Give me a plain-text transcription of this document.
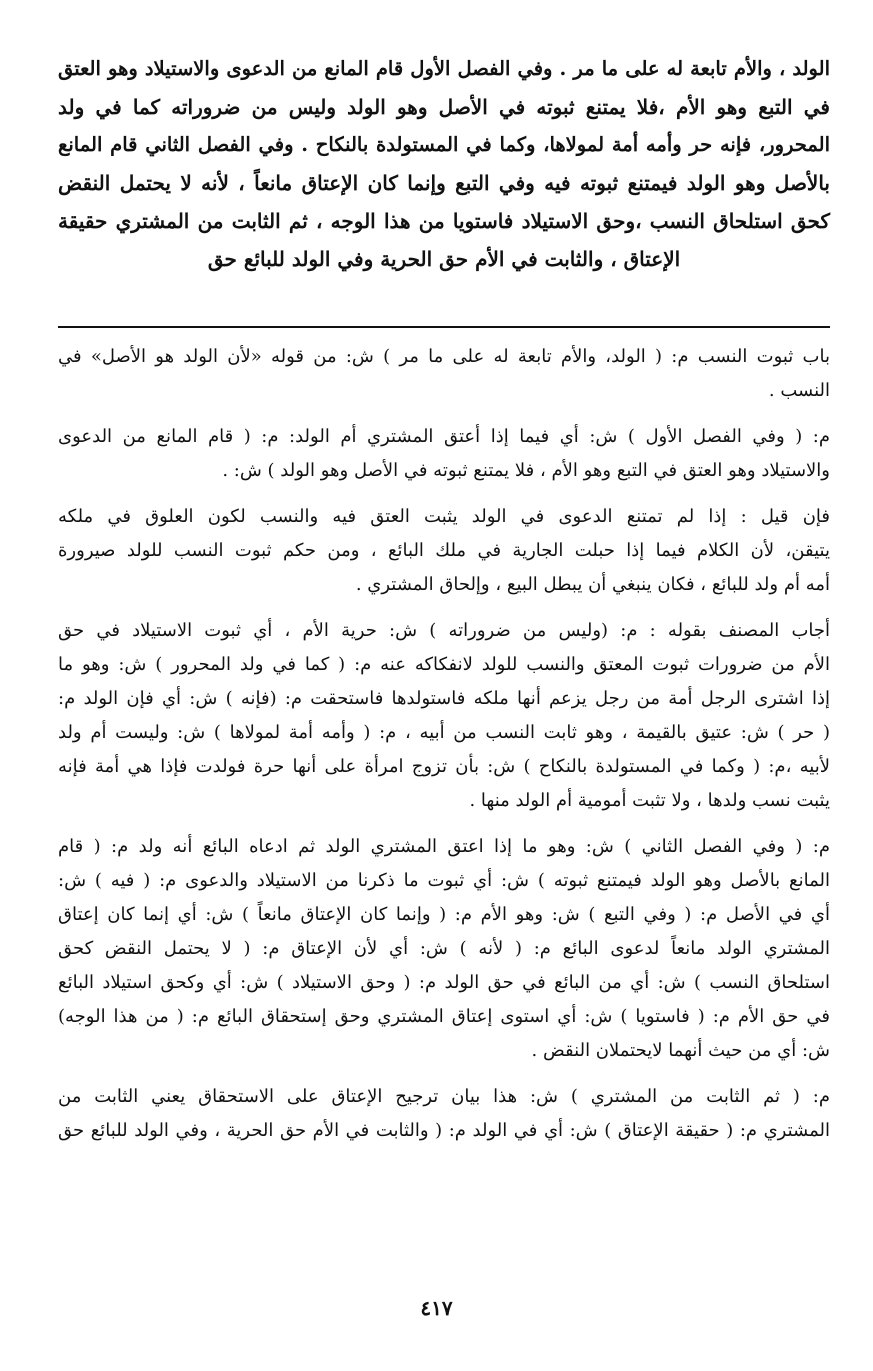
الولد ، والأم تابعة له على ما مر . وفي الفصل الأول قام المانع من الدعوى والاستيلاد وهو العتق
في التبع وهو الأم ،فلا يمتنع ثبوته في الأصل وهو الولد وليس من ضروراته كما في ولد
المحرور، فإنه حر وأمه أمة لمولاها، وكما في المستولدة بالنكاح . وفي الفصل الثاني قام المانع
بالأصل وهو الولد فيمتنع ثبوته فيه وفي التبع وإنما كان الإعتاق مانعاً ، لأنه لا يحتمل النقض
كحق استلحاق النسب ،وحق الاستيلاد فاستويا من هذا الوجه ، ثم الثابت من المشتري حقيقة
الإعتاق ، والثابت في الأم حق الحرية وفي الولد للبائع حق
باب ثبوت النسب م: ( الولد، والأم تابعة له على ما مر ) ش: من قوله «لأن الولد هو الأصل» في
النسب .
م: ( وفي الفصل الأول ) ش: أي فيما إذا أعتق المشتري أم الولد: م: ( قام المانع من الدعوى
والاستيلاد وهو العتق في التبع وهو الأم ، فلا يمتنع ثبوته في الأصل وهو الولد ) ش: .
فإن قيل : إذا لم تمتنع الدعوى في الولد يثبت العتق فيه والنسب لكون العلوق في ملكه
يتيقن، لأن الكلام فيما إذا حبلت الجارية في ملك البائع ، ومن حكم ثبوت النسب للولد صيرورة
أمه أم ولد للبائع ، فكان ينبغي أن يبطل البيع ، وإلحاق المشتري .
أجاب المصنف بقوله : م: (وليس من ضروراته ) ش: حرية الأم ، أي ثبوت الاستيلاد في حق
الأم من ضرورات ثبوت المعتق والنسب للولد لانفكاكه عنه م: ( كما في ولد المحرور ) ش: وهو ما
إذا اشترى الرجل أمة من رجل يزعم أنها ملكه فاستولدها فاستحقت م: (فإنه ) ش: أي فإن الولد م:
( حر ) ش: عتيق بالقيمة ، وهو ثابت النسب من أبيه ، م: ( وأمه أمة لمولاها ) ش: وليست أم ولد
لأبيه ،م: ( وكما في المستولدة بالنكاح ) ش: بأن تزوج امرأة على أنها حرة فولدت فإذا هي أمة فإنه
يثبت نسب ولدها ، ولا تثبت أمومية أم الولد منها .
م: ( وفي الفصل الثاني ) ش: وهو ما إذا اعتق المشتري الولد ثم ادعاه البائع أنه ولد م: ( قام
المانع بالأصل وهو الولد فيمتنع ثبوته ) ش: أي ثبوت ما ذكرنا من الاستيلاد والدعوى م: ( فيه ) ش:
أي في الأصل م: ( وفي التبع ) ش: وهو الأم م: ( وإنما كان الإعتاق مانعاً ) ش: أي إنما كان إعتاق
المشتري الولد مانعاً لدعوى البائع م: ( لأنه ) ش: أي لأن الإعتاق م: ( لا يحتمل النقض كحق
استلحاق النسب ) ش: أي من البائع في حق الولد م: ( وحق الاستيلاد ) ش: أي وكحق استيلاد البائع
في حق الأم م: ( فاستويا ) ش: أي استوى إعتاق المشتري وحق إستحقاق البائع م: ( من هذا الوجه)
ش: أي من حيث أنهما لايحتملان النقض .
م: ( ثم الثابت من المشتري ) ش: هذا بيان ترجيح الإعتاق على الاستحقاق يعني الثابت من
المشتري م: ( حقيقة الإعتاق ) ش: أي في الولد م: ( والثابت في الأم حق الحرية ، وفي الولد للبائع حق
٤١٧
